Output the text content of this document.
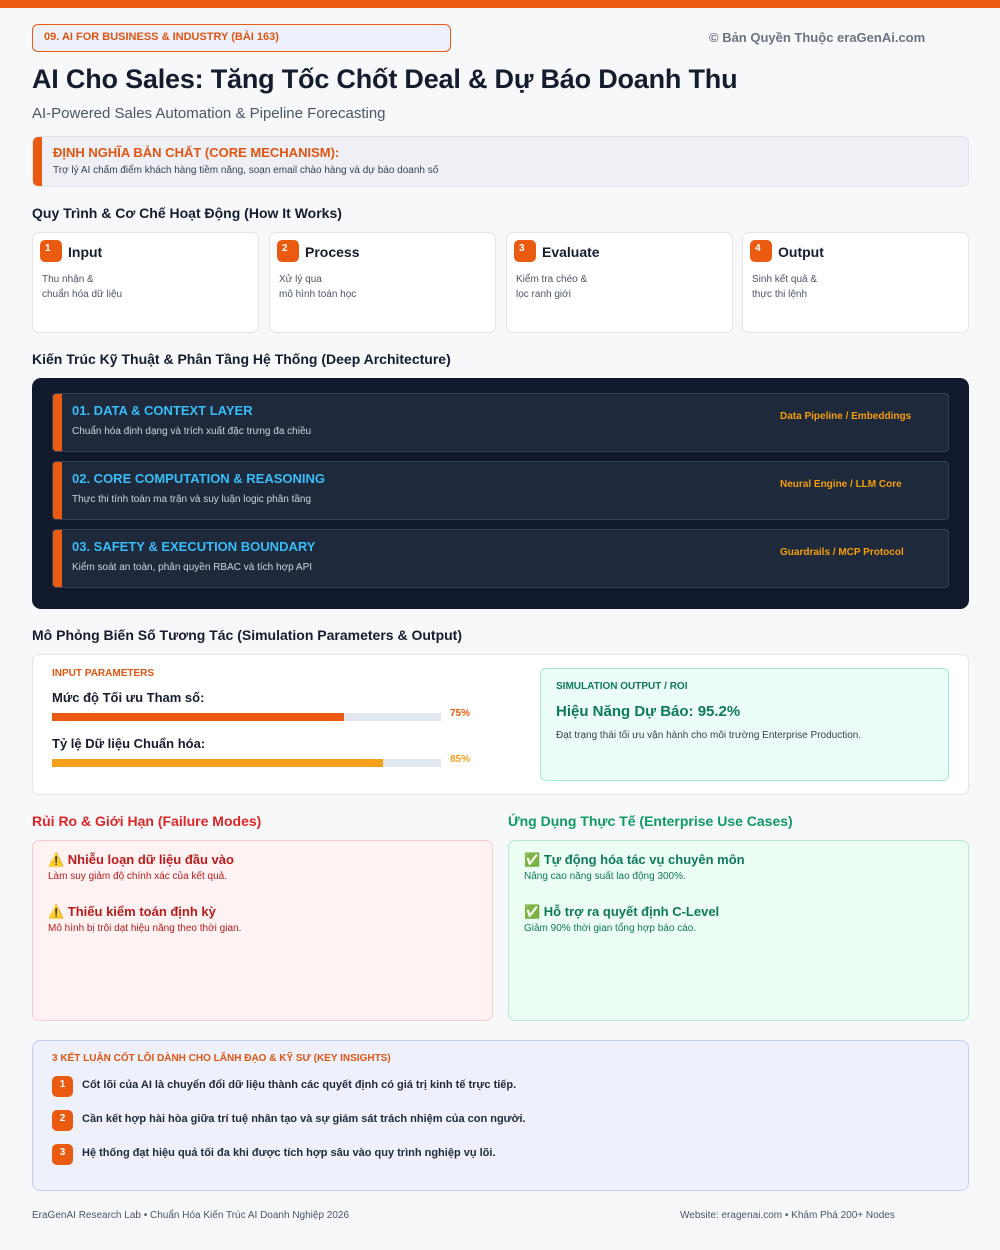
09. AI FOR BUSINESS & INDUSTRY (BÀI 163)	© Bản Quyền Thuộc eraGenAi.com
AI Cho Sales: Tăng Tốc Chốt Deal & Dự Báo Doanh Thu
AI-Powered Sales Automation & Pipeline Forecasting
ĐỊNH NGHĨA BẢN CHẤT (CORE MECHANISM):
Trợ lý AI chấm điểm khách hàng tiềm năng, soạn email chào hàng và dự báo doanh số
Quy Trình & Cơ Chế Hoạt Động (How It Works)
1	Input
Thu nhận &
chuẩn hóa dữ liệu
2	Process
Xử lý qua
mô hình toán học
3	Evaluate
Kiểm tra chéo &
lọc ranh giới
4	Output
Sinh kết quả &
thực thi lệnh
Kiến Trúc Kỹ Thuật & Phân Tầng Hệ Thống (Deep Architecture)
01. DATA & CONTEXT LAYER
Chuẩn hóa định dạng và trích xuất đặc trưng đa chiều
Data Pipeline / Embeddings
02. CORE COMPUTATION & REASONING
Thực thi tính toán ma trận và suy luận logic phân tầng
Neural Engine / LLM Core
03. SAFETY & EXECUTION BOUNDARY
Kiểm soát an toàn, phân quyền RBAC và tích hợp API
Guardrails / MCP Protocol
Mô Phỏng Biến Số Tương Tác (Simulation Parameters & Output)
INPUT PARAMETERS
Mức độ Tối ưu Tham số:
75%
Tỷ lệ Dữ liệu Chuẩn hóa:
85%
SIMULATION OUTPUT / ROI
Hiệu Năng Dự Báo: 95.2%
Đạt trạng thái tối ưu vận hành cho môi trường Enterprise Production.
Rủi Ro & Giới Hạn (Failure Modes)	Ứng Dụng Thực Tế (Enterprise Use Cases)
⚠️ Nhiễu loạn dữ liệu đầu vào
Làm suy giảm độ chính xác của kết quả.
⚠️ Thiếu kiểm toán định kỳ
Mô hình bị trôi dạt hiệu năng theo thời gian.
✅ Tự động hóa tác vụ chuyên môn
Nâng cao năng suất lao động 300%.
✅ Hỗ trợ ra quyết định C-Level
Giảm 90% thời gian tổng hợp báo cáo.
3 KẾT LUẬN CỐT LÕI DÀNH CHO LÃNH ĐẠO & KỸ SƯ (KEY INSIGHTS)
1	Cốt lõi của AI là chuyển đổi dữ liệu thành các quyết định có giá trị kinh tế trực tiếp.
2	Cần kết hợp hài hòa giữa trí tuệ nhân tạo và sự giám sát trách nhiệm của con người.
3	Hệ thống đạt hiệu quả tối đa khi được tích hợp sâu vào quy trình nghiệp vụ lõi.
EraGenAI Research Lab • Chuẩn Hóa Kiến Trúc AI Doanh Nghiệp 2026	Website: eragenai.com • Khám Phá 200+ Nodes
